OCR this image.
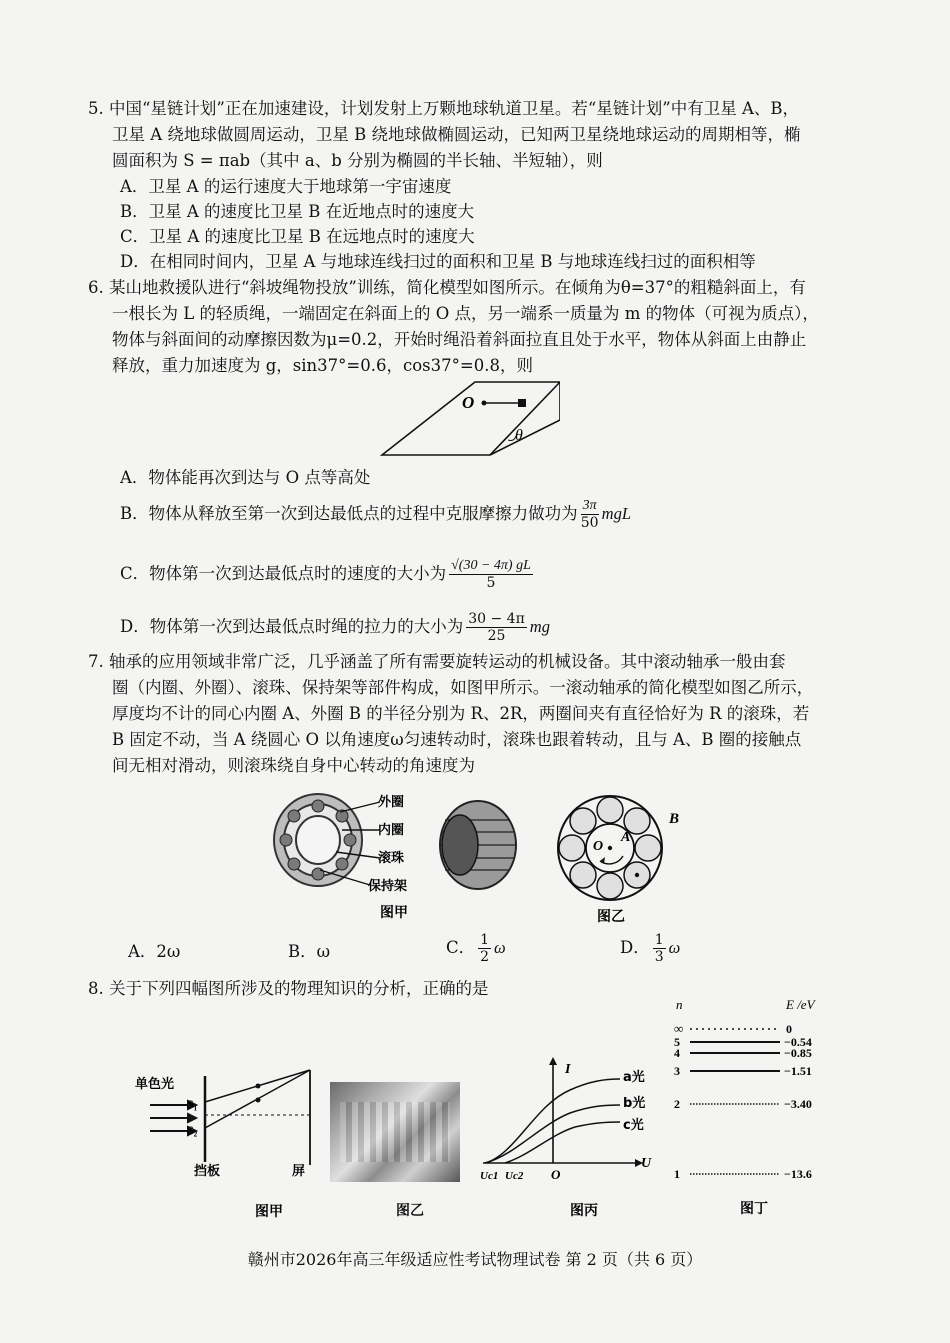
5. 中国“星链计划”正在加速建设，计划发射上万颗地球轨道卫星。若“星链计划”中有卫星 A、B，
卫星 A 绕地球做圆周运动，卫星 B 绕地球做椭圆运动，已知两卫星绕地球运动的周期相等，椭
圆面积为 S = πab（其中 a、b 分别为椭圆的半长轴、半短轴），则
A．卫星 A 的运行速度大于地球第一宇宙速度
B．卫星 A 的速度比卫星 B 在近地点时的速度大
C．卫星 A 的速度比卫星 B 在远地点时的速度大
D．在相同时间内，卫星 A 与地球连线扫过的面积和卫星 B 与地球连线扫过的面积相等
6. 某山地救援队进行“斜坡绳物投放”训练，简化模型如图所示。在倾角为θ=37°的粗糙斜面上，有
一根长为 L 的轻质绳，一端固定在斜面上的 O 点，另一端系一质量为 m 的物体（可视为质点），
物体与斜面间的动摩擦因数为μ=0.2，开始时绳沿着斜面拉直且处于水平，物体从斜面上由静止
释放，重力加速度为 g，sin37°=0.6，cos37°=0.8，则
O
θ
A．物体能再次到达与 O 点等高处
B．物体从释放至第一次到达最低点的过程中克服摩擦力做功为 $\frac{3\pi}{50}$ mgL
C．物体第一次到达最低点时的速度的大小为 $\frac{√(30 - 4\pi) gL}{5}$
D．物体第一次到达最低点时绳的拉力的大小为 $\frac{30 - 4\pi}{25}$ mg
7. 轴承的应用领域非常广泛，几乎涵盖了所有需要旋转运动的机械设备。其中滚动轴承一般由套
圈（内圈、外圈）、滚珠、保持架等部件构成，如图甲所示。一滚动轴承的简化模型如图乙所示，
厚度均不计的同心内圈 A、外圈 B 的半径分别为 R、2R，两圈间夹有直径恰好为 R 的滚珠，若
B 固定不动，当 A 绕圆心 O 以角速度ω匀速转动时，滚珠也跟着转动，且与 A、B 圈的接触点
间无相对滑动，则滚珠绕自身中心转动的角速度为
外圈
内圈
滚珠
保持架
图甲
O
A
B
图乙
A．2ω	B．ω	C． $\frac{1}{2}$ ω	D． $\frac{1}{3}$ ω
8. 关于下列四幅图所涉及的物理知识的分析，正确的是
单色光
S₁
S₂
挡板	屏
图甲	图乙
I
U
O
a光
b光
c光
Uc1 Uc2
图丙
n	E /eV
∞	0
5	−0.54
4	−0.85
3	−1.51
2	−3.40
1	−13.6
图丁
赣州市2026年高三年级适应性考试物理试卷 第 2 页（共 6 页）
